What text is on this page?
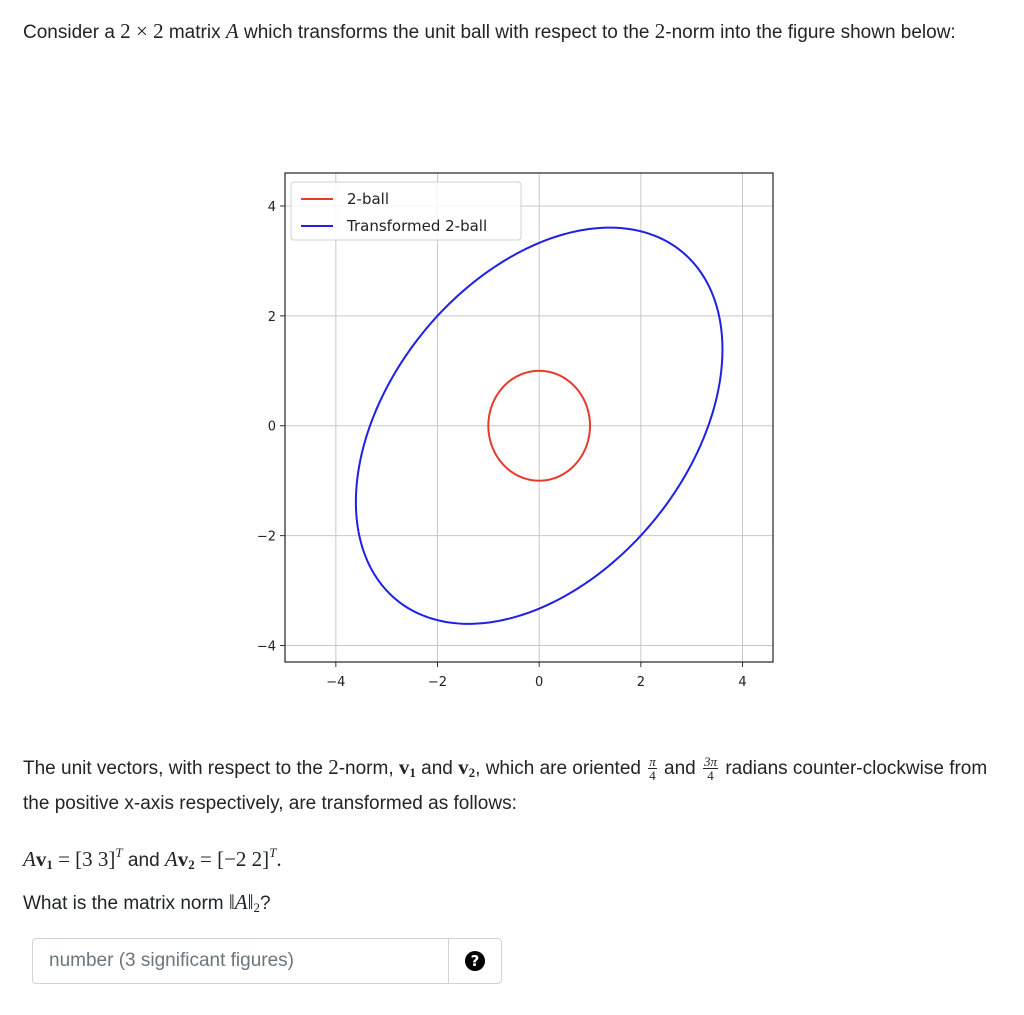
Consider a 2 × 2 matrix A which transforms the unit ball with respect to the 2-norm into the figure shown below:

−4	−2	0	2	4
−4
−2
0
2
4	2-ball
Transformed 2-ball

The unit vectors, with respect to the 2-norm, $v_1$ and $v_2$, which are oriented $\frac{\pi}{4}$ and $\frac{3\pi}{4}$ radians counter-clockwise from the positive x-axis respectively, are transformed as follows:

$Av_1 = [3$ 3]$^T$ and $Av_2 = [-2$ 2]$^T$.

What is the matrix norm $‖A‖_2$?

number (3 significant figures)
?
